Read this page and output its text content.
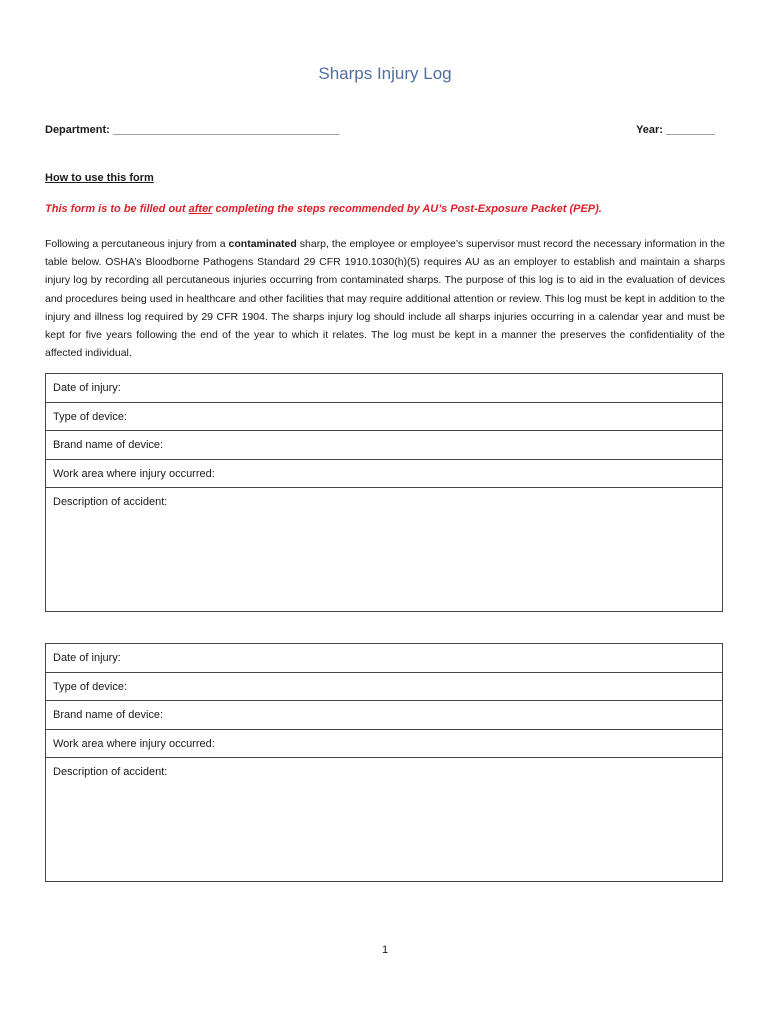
Sharps Injury Log
Department: _____________________________________	Year: ________
How to use this form
This form is to be filled out after completing the steps recommended by AU’s Post-Exposure Packet (PEP).
Following a percutaneous injury from a contaminated sharp, the employee or employee’s supervisor must record the necessary information in the table below. OSHA’s Bloodborne Pathogens Standard 29 CFR 1910.1030(h)(5) requires AU as an employer to establish and maintain a sharps injury log by recording all percutaneous injuries occurring from contaminated sharps. The purpose of this log is to aid in the evaluation of devices and procedures being used in healthcare and other facilities that may require additional attention or review. This log must be kept in addition to the injury and illness log required by 29 CFR 1904. The sharps injury log should include all sharps injuries occurring in a calendar year and must be kept for five years following the end of the year to which it relates. The log must be kept in a manner the preserves the confidentiality of the affected individual.
Date of injury:
Type of device:
Brand name of device:
Work area where injury occurred:
Description of accident:
Date of injury:
Type of device:
Brand name of device:
Work area where injury occurred:
Description of accident:
1
